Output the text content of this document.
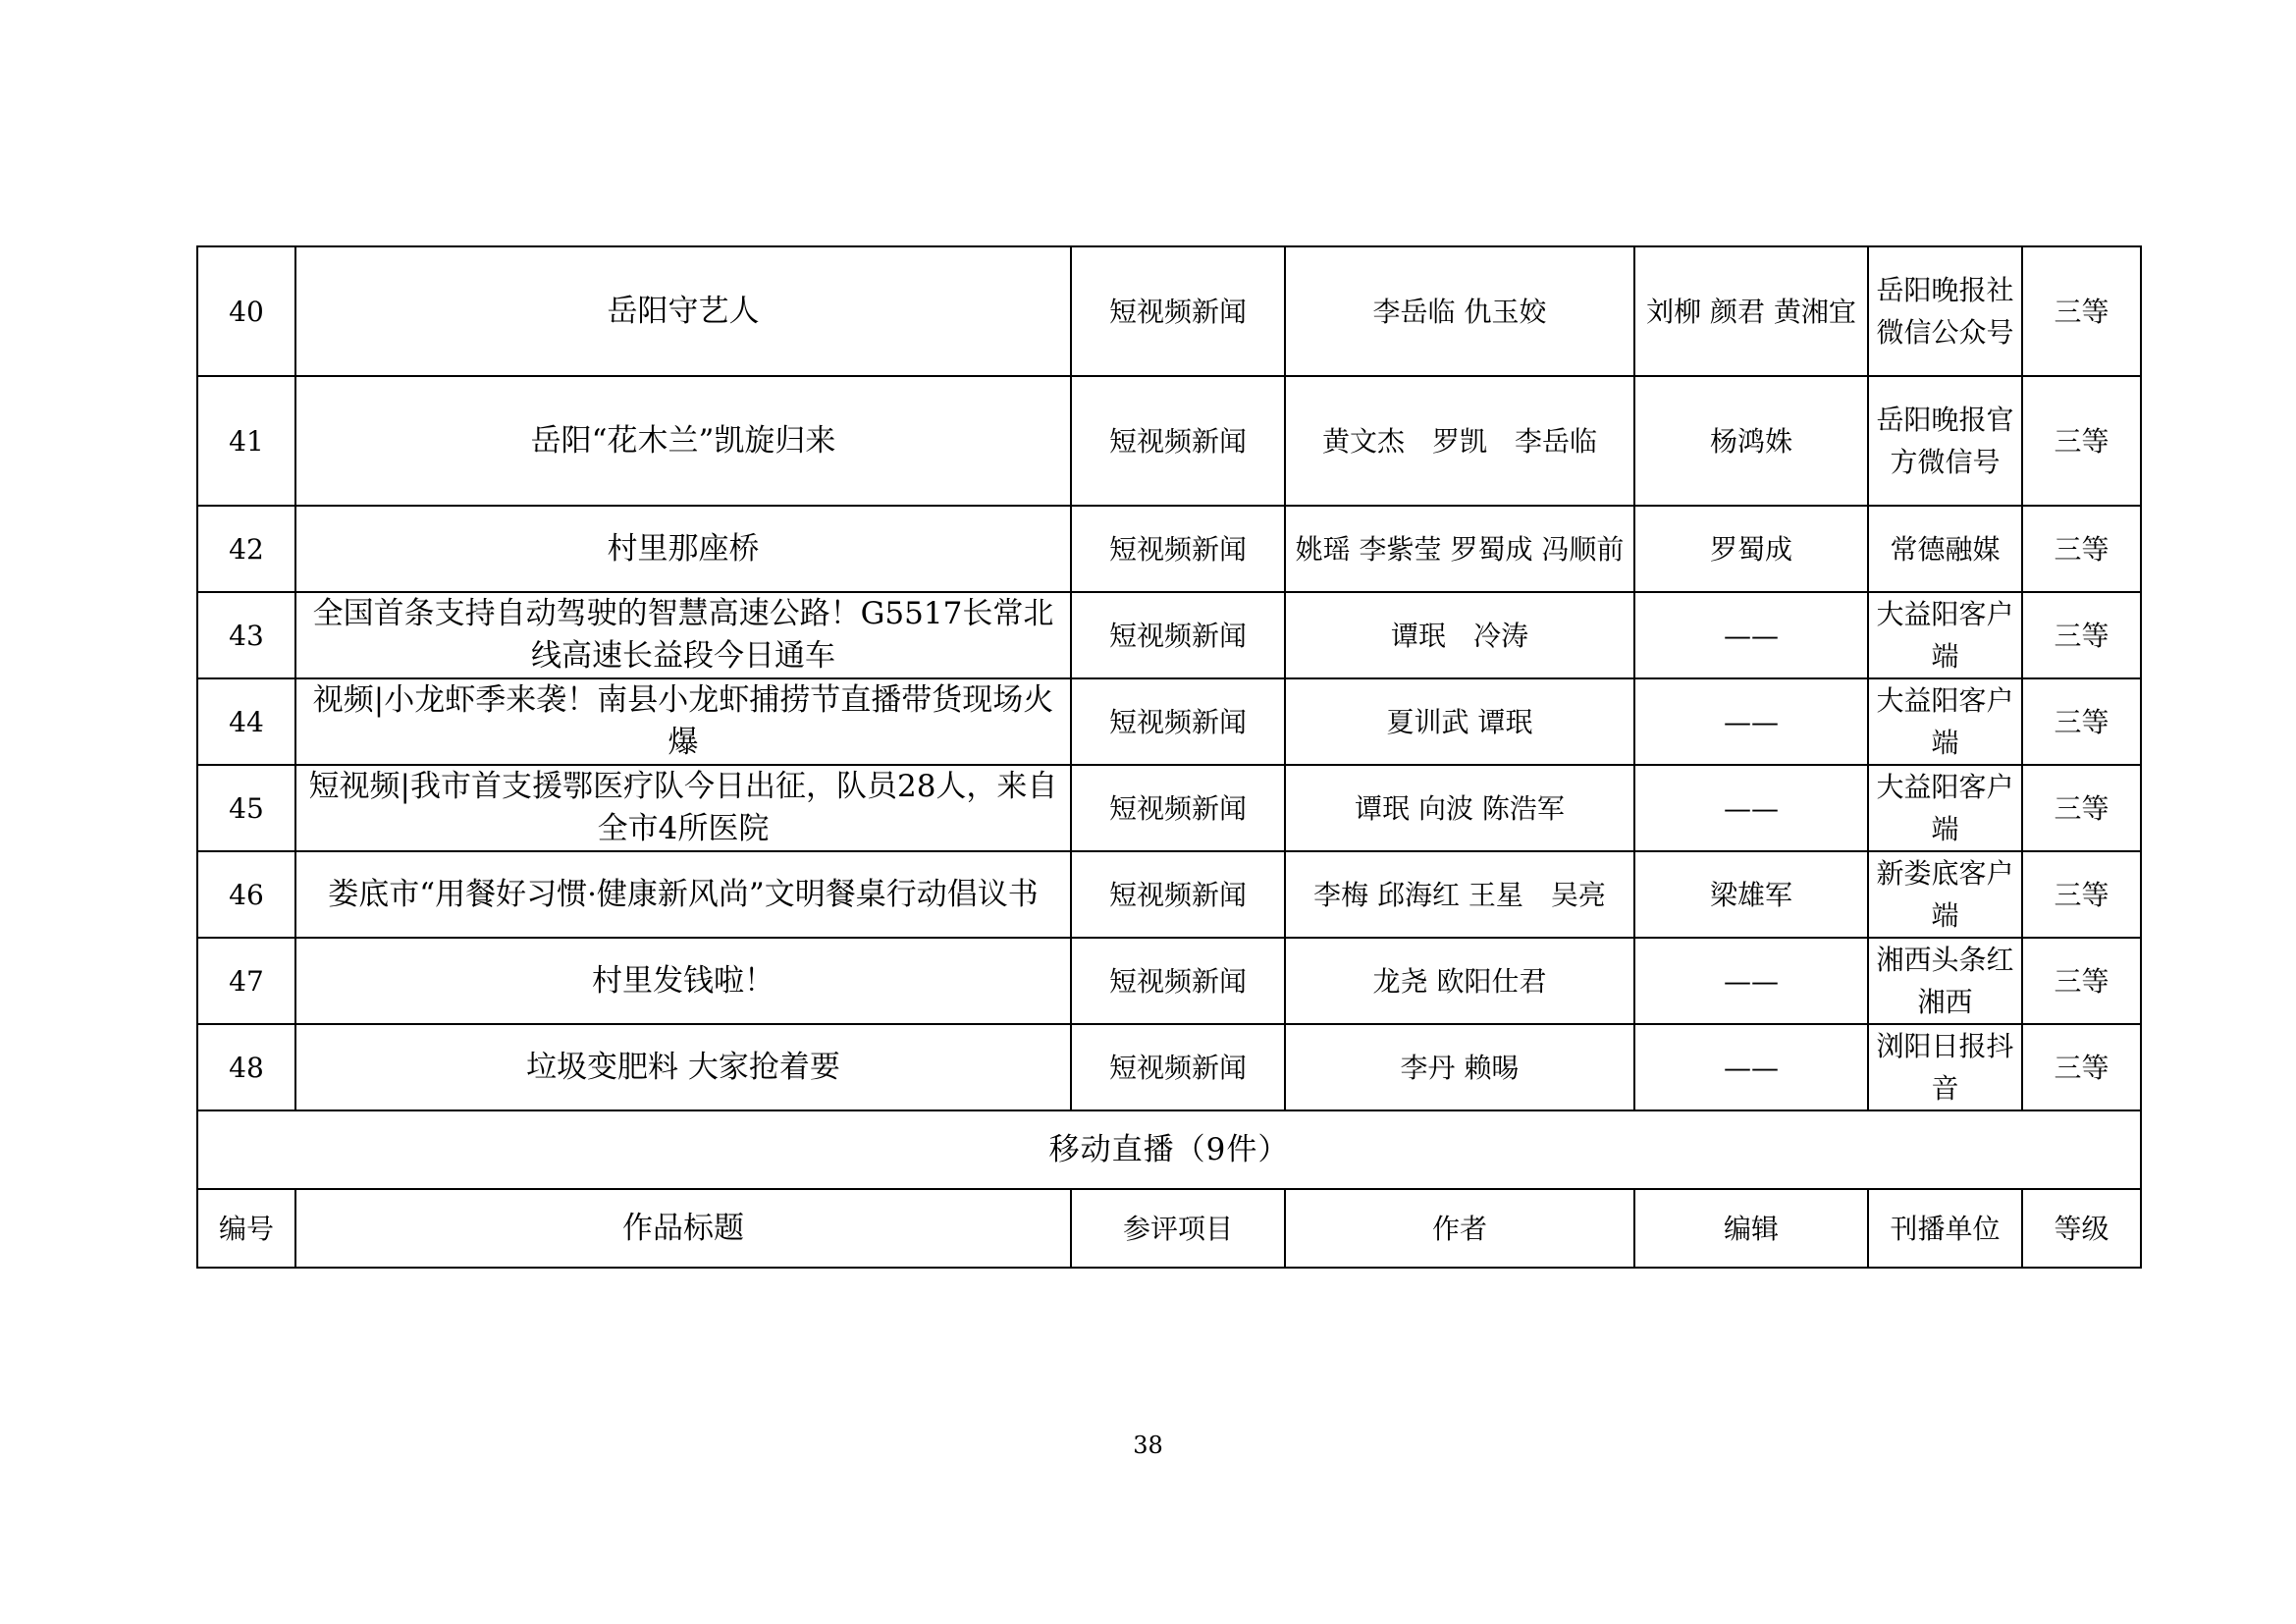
40	岳阳守艺人	短视频新闻	李岳临 仇玉姣	刘柳 颜君 黄湘宜	岳阳晚报社微信公众号	三等
41	岳阳“花木兰”凯旋归来	短视频新闻	黄文杰　罗凯　李岳临	杨鸿姝	岳阳晚报官方微信号	三等
42	村里那座桥	短视频新闻	姚瑶 李紫莹 罗蜀成 冯顺前	罗蜀成	常德融媒	三等
43	全国首条支持自动驾驶的智慧高速公路！G5517长常北线高速长益段今日通车	短视频新闻	谭珉　冷涛	——	大益阳客户端	三等
44	视频|小龙虾季来袭！南县小龙虾捕捞节直播带货现场火爆	短视频新闻	夏训武 谭珉	——	大益阳客户端	三等
45	短视频|我市首支援鄂医疗队今日出征，队员28人，来自全市4所医院	短视频新闻	谭珉 向波 陈浩军	——	大益阳客户端	三等
46	娄底市“用餐好习惯·健康新风尚”文明餐桌行动倡议书	短视频新闻	李梅 邱海红 王星　吴亮	梁雄军	新娄底客户端	三等
47	村里发钱啦！	短视频新闻	龙尧 欧阳仕君	——	湘西头条红湘西	三等
48	垃圾变肥料 大家抢着要	短视频新闻	李丹 赖晹	——	浏阳日报抖音	三等
移动直播（9件）						
编号	作品标题	参评项目	作者	编辑	刊播单位	等级
38
